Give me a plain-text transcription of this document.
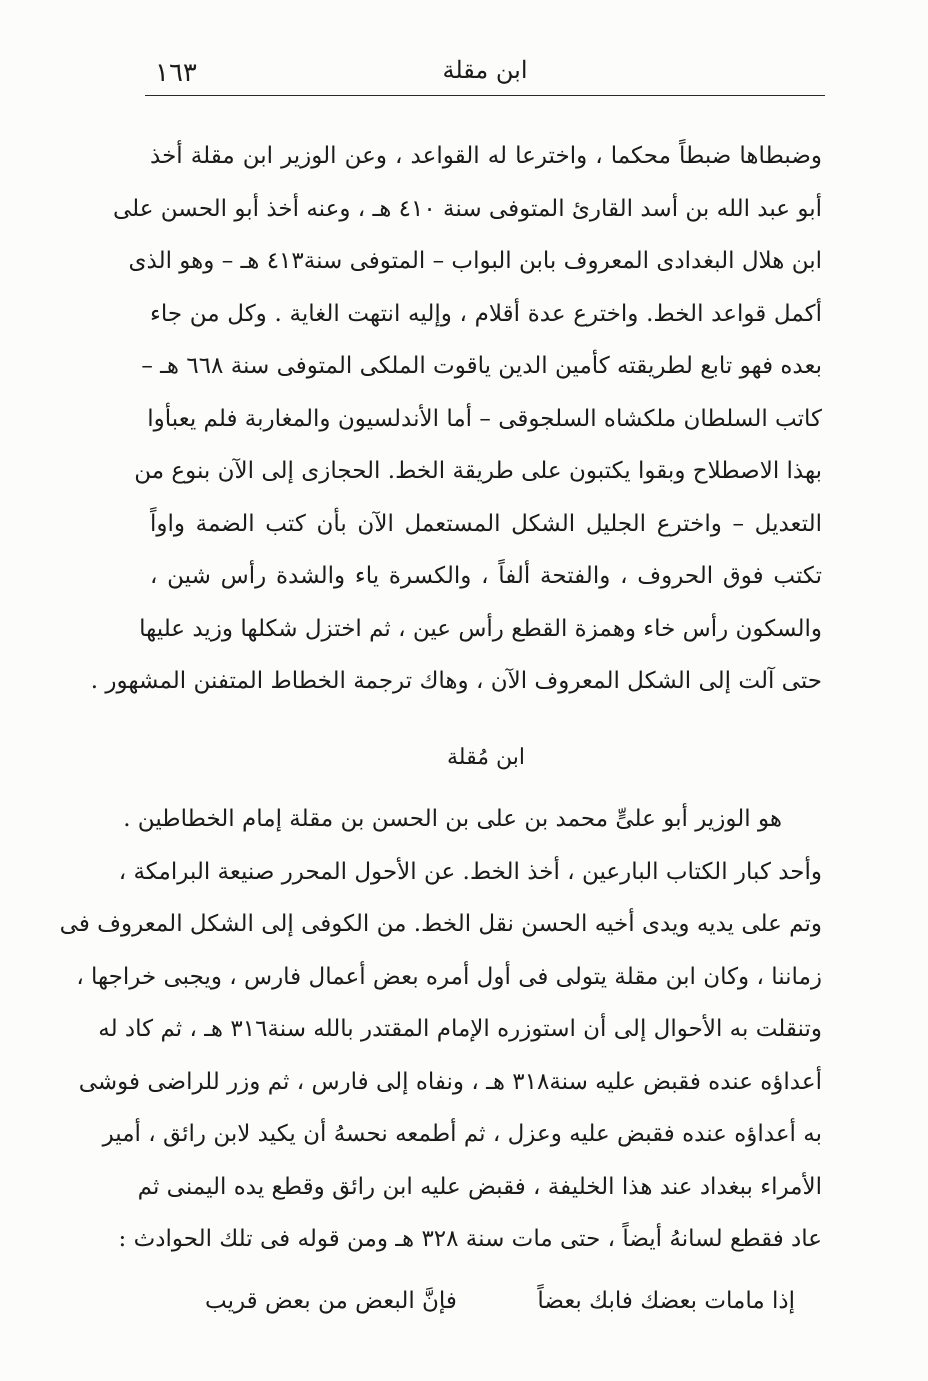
١٦٣	ابن مقلة
وضبطاها ضبطاً محكما ، واخترعا له القواعد ، وعن الوزير ابن مقلة أخذ
أبو عبد الله بن أسد القارئ المتوفى سنة ٤١٠ هـ ، وعنه أخذ أبو الحسن على
ابن هلال البغدادى المعروف بابن البواب – المتوفى سنة٤١٣ هـ – وهو الذى
أكمل قواعد الخط. واخترع عدة أقلام ، وإليه انتهت الغاية . وكل من جاء
بعده فهو تابع لطريقته كأمين الدين ياقوت الملكى المتوفى سنة ٦٦٨ هـ –
كاتب السلطان ملكشاه السلجوقى – أما الأندلسيون والمغاربة فلم يعبأوا
بهذا الاصطلاح وبقوا يكتبون على طريقة الخط. الحجازى إلى الآن بنوع من
التعديل – واخترع الجليل الشكل المستعمل الآن بأن كتب الضمة واواً
تكتب فوق الحروف ، والفتحة ألفاً ، والكسرة ياء والشدة رأس شين ،
والسكون رأس خاء وهمزة القطع رأس عين ، ثم اختزل شكلها وزيد عليها
حتى آلت إلى الشكل المعروف الآن ، وهاك ترجمة الخطاط المتفنن المشهور .
ابن مُقلة
هو الوزير أبو علىٍّ محمد بن على بن الحسن بن مقلة إمام الخطاطين .
وأحد كبار الكتاب البارعين ، أخذ الخط. عن الأحول المحرر صنيعة البرامكة ،
وتم على يديه ويدى أخيه الحسن نقل الخط. من الكوفى إلى الشكل المعروف فى
زماننا ، وكان ابن مقلة يتولى فى أول أمره بعض أعمال فارس ، ويجبى خراجها ،
وتنقلت به الأحوال إلى أن استوزره الإمام المقتدر بالله سنة٣١٦ هـ ، ثم كاد له
أعداؤه عنده فقبض عليه سنة٣١٨ هـ ، ونفاه إلى فارس ، ثم وزر للراضى فوشى
به أعداؤه عنده فقبض عليه وعزل ، ثم أطمعه نحسهُ أن يكيد لابن رائق ، أمير
الأمراء ببغداد عند هذا الخليفة ، فقبض عليه ابن رائق وقطع يده اليمنى ثم
عاد فقطع لسانهُ أيضاً ، حتى مات سنة ٣٢٨ هـ ومن قوله فى تلك الحوادث :
إذا مامات بعضك فابك بعضاً
فإنَّ البعض من بعض قريب
